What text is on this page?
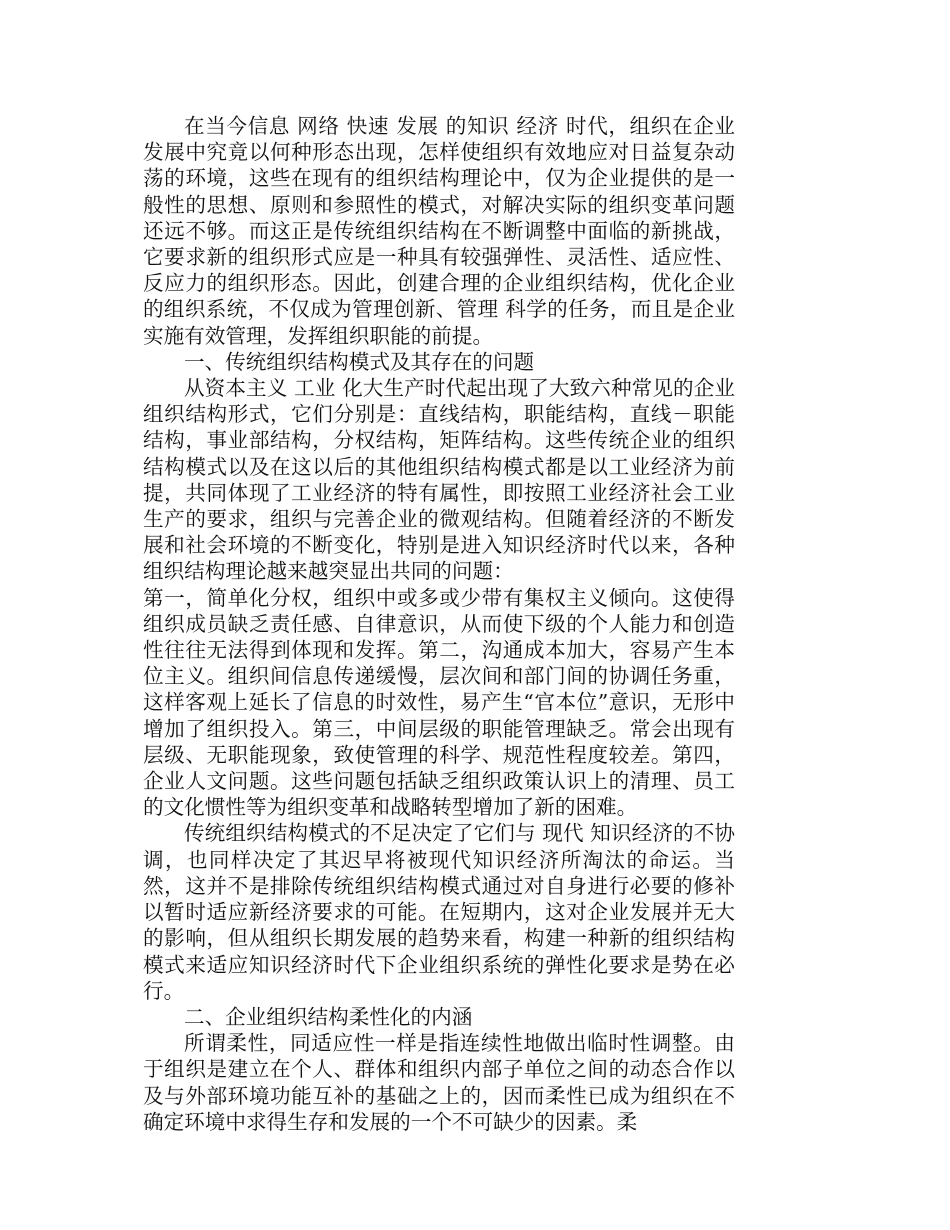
在当今信息 网络 快速 发展 的知识 经济 时代，组织在企业 发展中究竟以何种形态出现，怎样使组织有效地应对日益复杂动荡的环境，这些在现有的组织结构理论中，仅为企业提供的是一般性的思想、原则和参照性的模式，对解决实际的组织变革问题还远不够。而这正是传统组织结构在不断调整中面临的新挑战，它要求新的组织形式应是一种具有较强弹性、灵活性、适应性、反应力的组织形态。因此，创建合理的企业组织结构，优化企业的组织系统，不仅成为管理创新、管理 科学的任务，而且是企业实施有效管理，发挥组织职能的前提。

一、传统组织结构模式及其存在的问题

从资本主义 工业 化大生产时代起出现了大致六种常见的企业组织结构形式，它们分别是：直线结构，职能结构，直线－职能结构，事业部结构，分权结构，矩阵结构。这些传统企业的组织结构模式以及在这以后的其他组织结构模式都是以工业经济为前提，共同体现了工业经济的特有属性，即按照工业经济社会工业生产的要求，组织与完善企业的微观结构。但随着经济的不断发展和社会环境的不断变化，特别是进入知识经济时代以来，各种组织结构理论越来越突显出共同的问题：

第一，简单化分权，组织中或多或少带有集权主义倾向。这使得组织成员缺乏责任感、自律意识，从而使下级的个人能力和创造性往往无法得到体现和发挥。第二，沟通成本加大，容易产生本位主义。组织间信息传递缓慢，层次间和部门间的协调任务重，这样客观上延长了信息的时效性，易产生“官本位”意识，无形中增加了组织投入。第三，中间层级的职能管理缺乏。常会出现有层级、无职能现象，致使管理的科学、规范性程度较差。第四，企业人文问题。这些问题包括缺乏组织政策认识上的清理、员工的文化惯性等为组织变革和战略转型增加了新的困难。

传统组织结构模式的不足决定了它们与 现代 知识经济的不协调，也同样决定了其迟早将被现代知识经济所淘汰的命运。当然，这并不是排除传统组织结构模式通过对自身进行必要的修补以暂时适应新经济要求的可能。在短期内，这对企业发展并无大的影响，但从组织长期发展的趋势来看，构建一种新的组织结构模式来适应知识经济时代下企业组织系统的弹性化要求是势在必行。

二、企业组织结构柔性化的内涵

所谓柔性，同适应性一样是指连续性地做出临时性调整。由于组织是建立在个人、群体和组织内部子单位之间的动态合作以及与外部环境功能互补的基础之上的，因而柔性已成为组织在不确定环境中求得生存和发展的一个不可缺少的因素。柔
